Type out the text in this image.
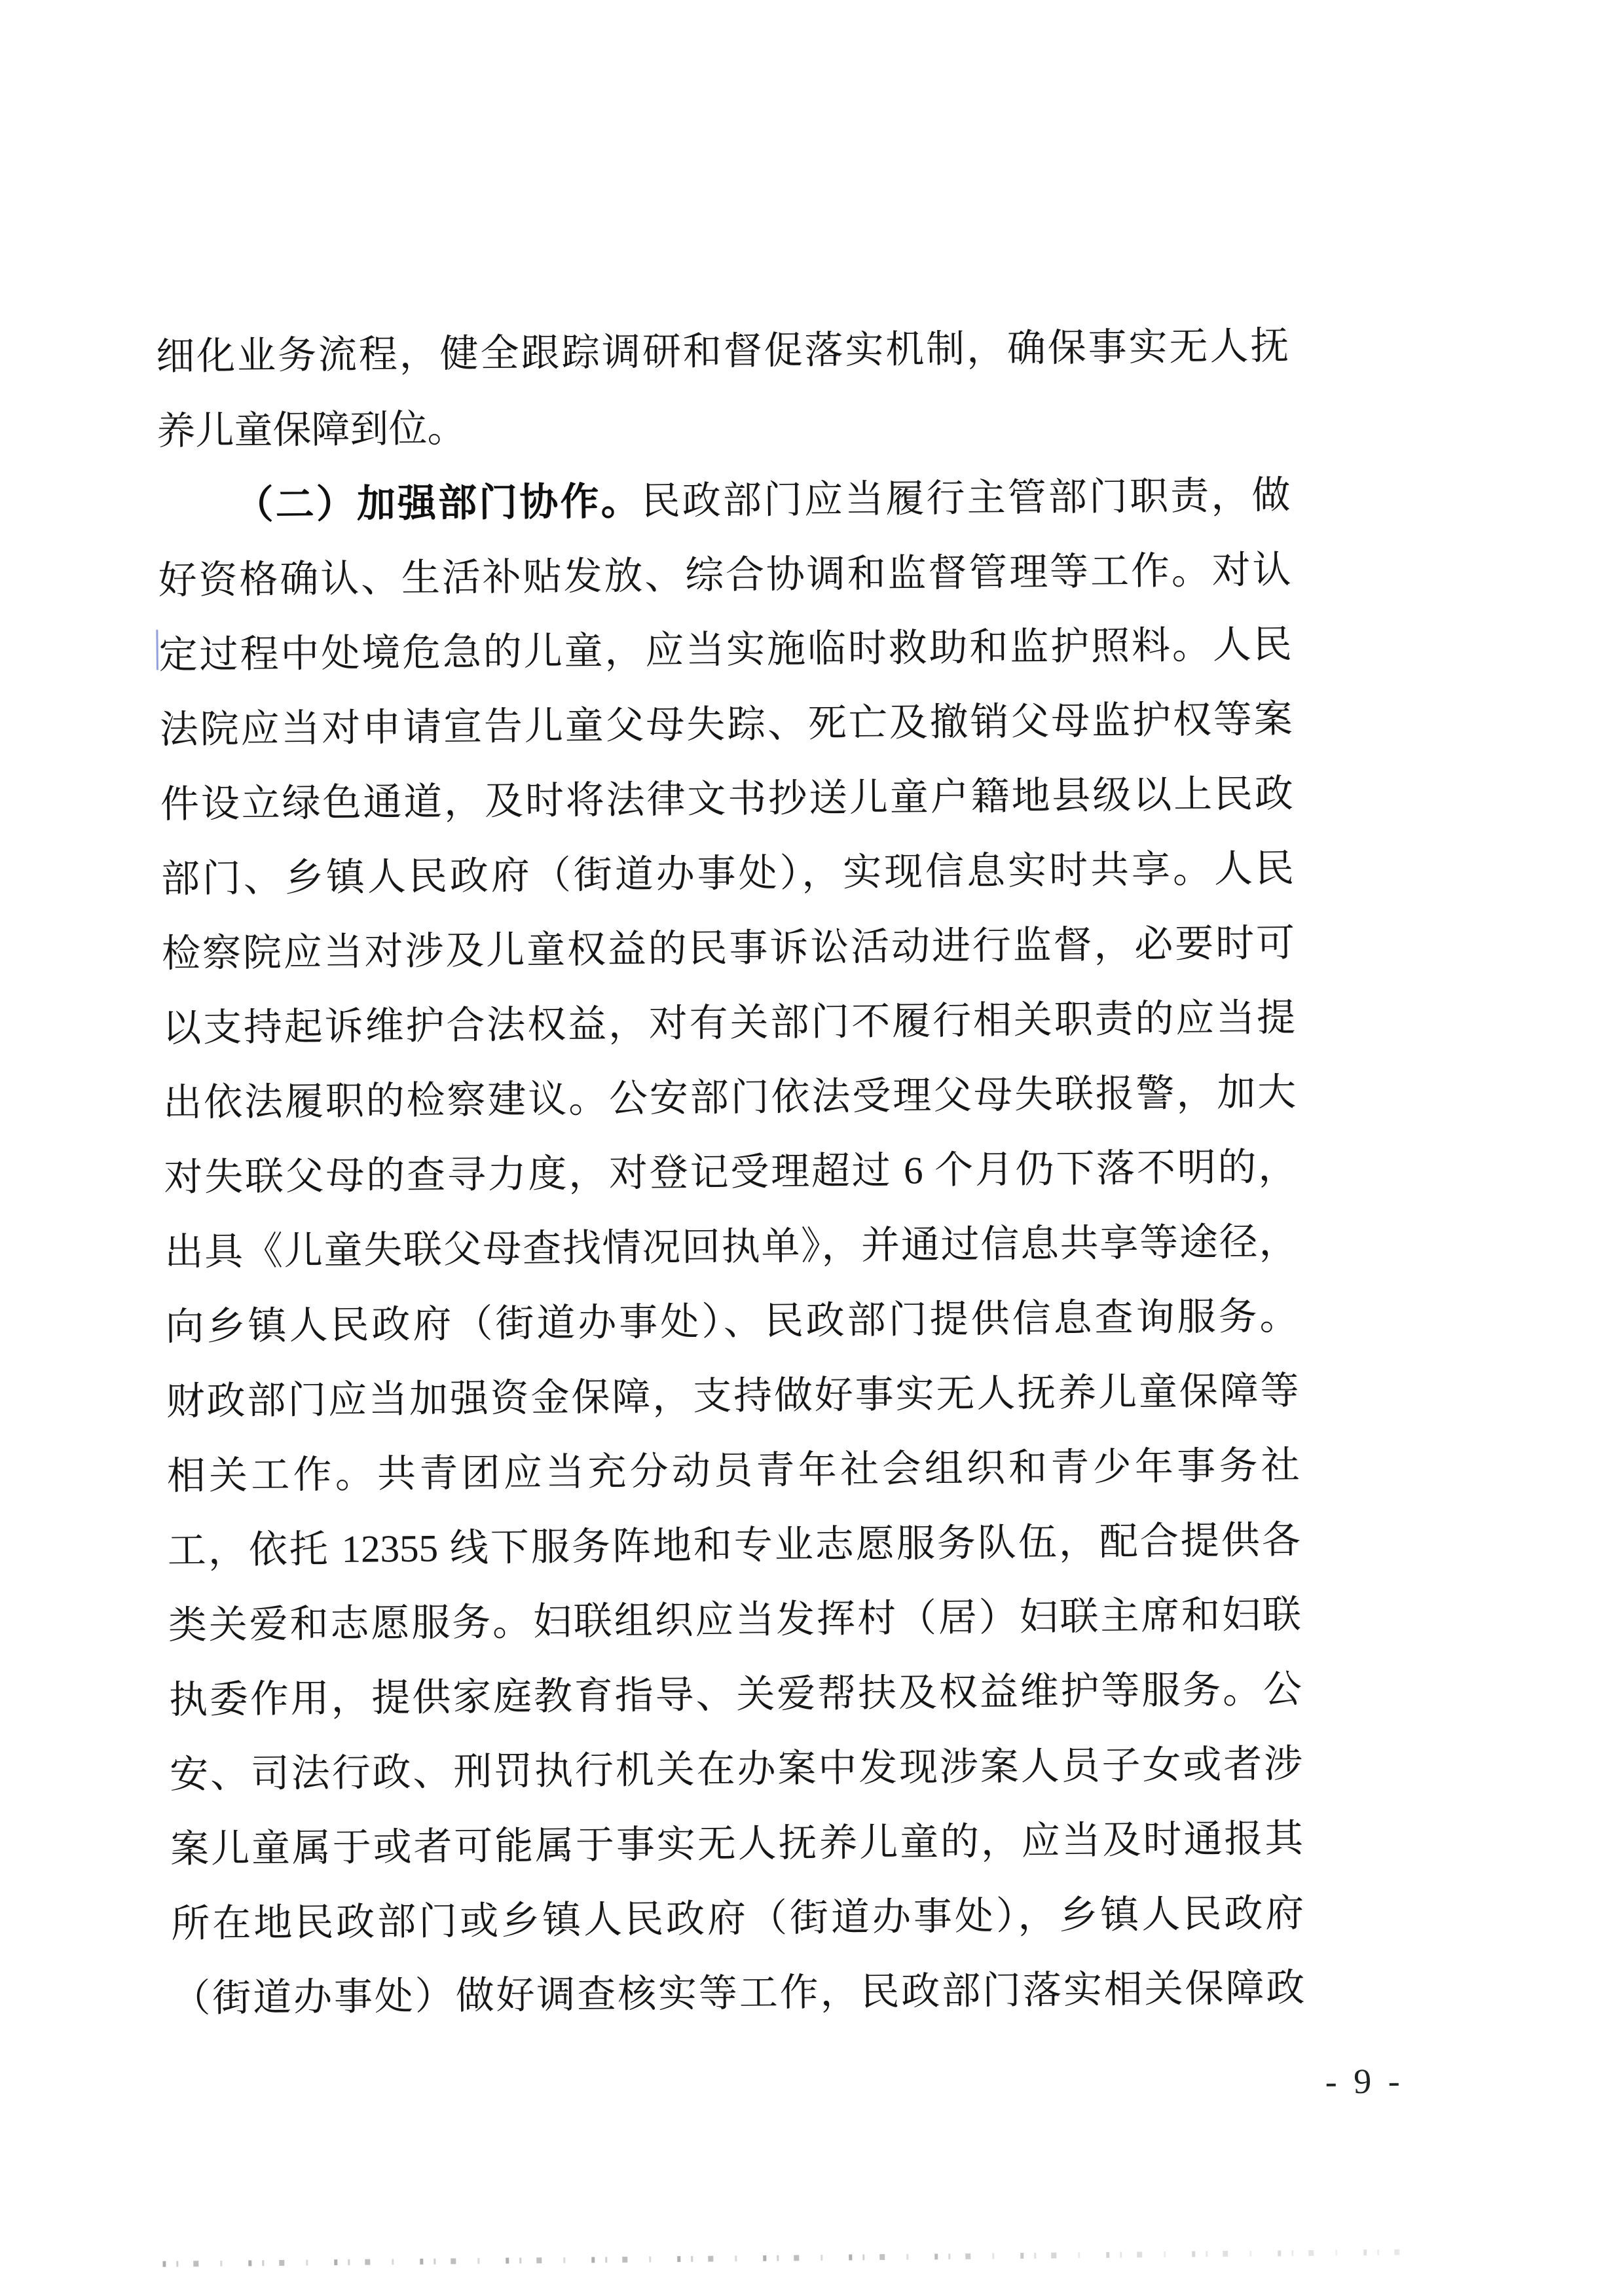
细化业务流程，健全跟踪调研和督促落实机制，确保事实无人抚
养儿童保障到位。
（二）加强部门协作。民政部门应当履行主管部门职责，做
好资格确认、生活补贴发放、综合协调和监督管理等工作。对认
定过程中处境危急的儿童，应当实施临时救助和监护照料。人民
法院应当对申请宣告儿童父母失踪、死亡及撤销父母监护权等案
件设立绿色通道，及时将法律文书抄送儿童户籍地县级以上民政
部门、乡镇人民政府（街道办事处），实现信息实时共享。人民
检察院应当对涉及儿童权益的民事诉讼活动进行监督，必要时可
以支持起诉维护合法权益，对有关部门不履行相关职责的应当提
出依法履职的检察建议。公安部门依法受理父母失联报警，加大
对失联父母的查寻力度，对登记受理超过 6 个月仍下落不明的，
出具《儿童失联父母查找情况回执单》，并通过信息共享等途径，
向乡镇人民政府（街道办事处）、民政部门提供信息查询服务。
财政部门应当加强资金保障，支持做好事实无人抚养儿童保障等
相关工作。共青团应当充分动员青年社会组织和青少年事务社
工，依托 12355 线下服务阵地和专业志愿服务队伍，配合提供各
类关爱和志愿服务。妇联组织应当发挥村（居）妇联主席和妇联
执委作用，提供家庭教育指导、关爱帮扶及权益维护等服务。公
安、司法行政、刑罚执行机关在办案中发现涉案人员子女或者涉
案儿童属于或者可能属于事实无人抚养儿童的，应当及时通报其
所在地民政部门或乡镇人民政府（街道办事处），乡镇人民政府
（街道办事处）做好调查核实等工作，民政部门落实相关保障政
- 9 -
